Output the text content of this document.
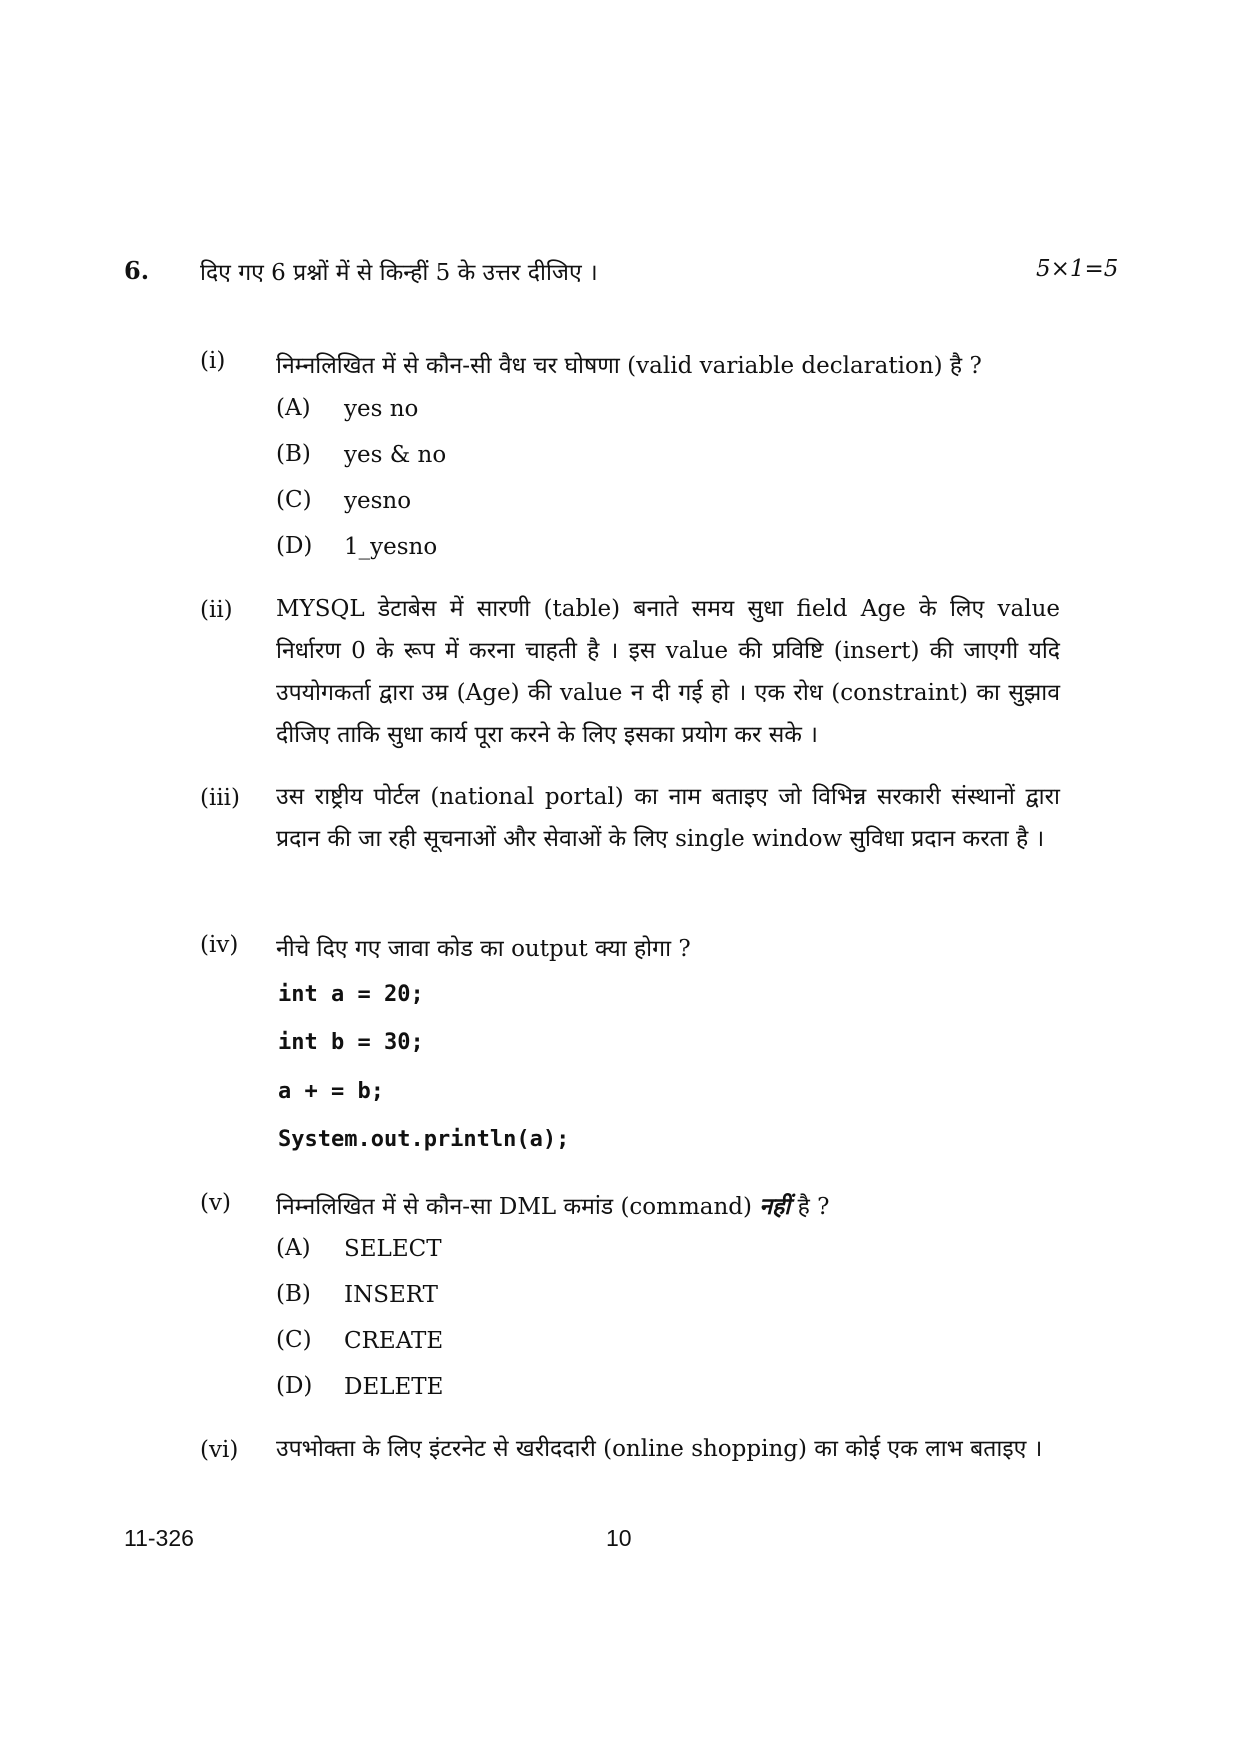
6. दिए गए 6 प्रश्नों में से किन्हीं 5 के उत्तर दीजिए ।	5×1=5
(i) निम्नलिखित में से कौन-सी वैध चर घोषणा (valid variable declaration) है ?
(A) yes no
(B) yes & no
(C) yesno
(D) 1_yesno
(ii) MYSQL डेटाबेस में सारणी (table) बनाते समय सुधा field Age के लिए value निर्धारण 0 के रूप में करना चाहती है । इस value की प्रविष्टि (insert) की जाएगी यदि उपयोगकर्ता द्वारा उम्र (Age) की value न दी गई हो । एक रोध (constraint) का सुझाव दीजिए ताकि सुधा कार्य पूरा करने के लिए इसका प्रयोग कर सके ।
(iii) उस राष्ट्रीय पोर्टल (national portal) का नाम बताइए जो विभिन्न सरकारी संस्थानों द्वारा प्रदान की जा रही सूचनाओं और सेवाओं के लिए single window सुविधा प्रदान करता है ।
(iv) नीचे दिए गए जावा कोड का output क्या होगा ?
int a = 20;
int b = 30;
a + = b;
System.out.println(a);
(v) निम्नलिखित में से कौन-सा DML कमांड (command) नहीं है ?
(A) SELECT
(B) INSERT
(C) CREATE
(D) DELETE
(vi) उपभोक्ता के लिए इंटरनेट से खरीददारी (online shopping) का कोई एक लाभ बताइए ।
11-326	10
